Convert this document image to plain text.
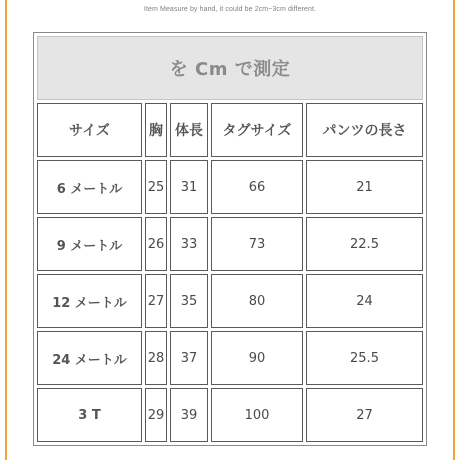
Item Measure by hand, it could be 2cm~3cm different.
を Cm で測定				
サイズ	胸	体長	タグサイズ	パンツの長さ
6 メートル	25	31	66	21
9 メートル	26	33	73	22.5
12 メートル	27	35	80	24
24 メートル	28	37	90	25.5
3 T	29	39	100	27
